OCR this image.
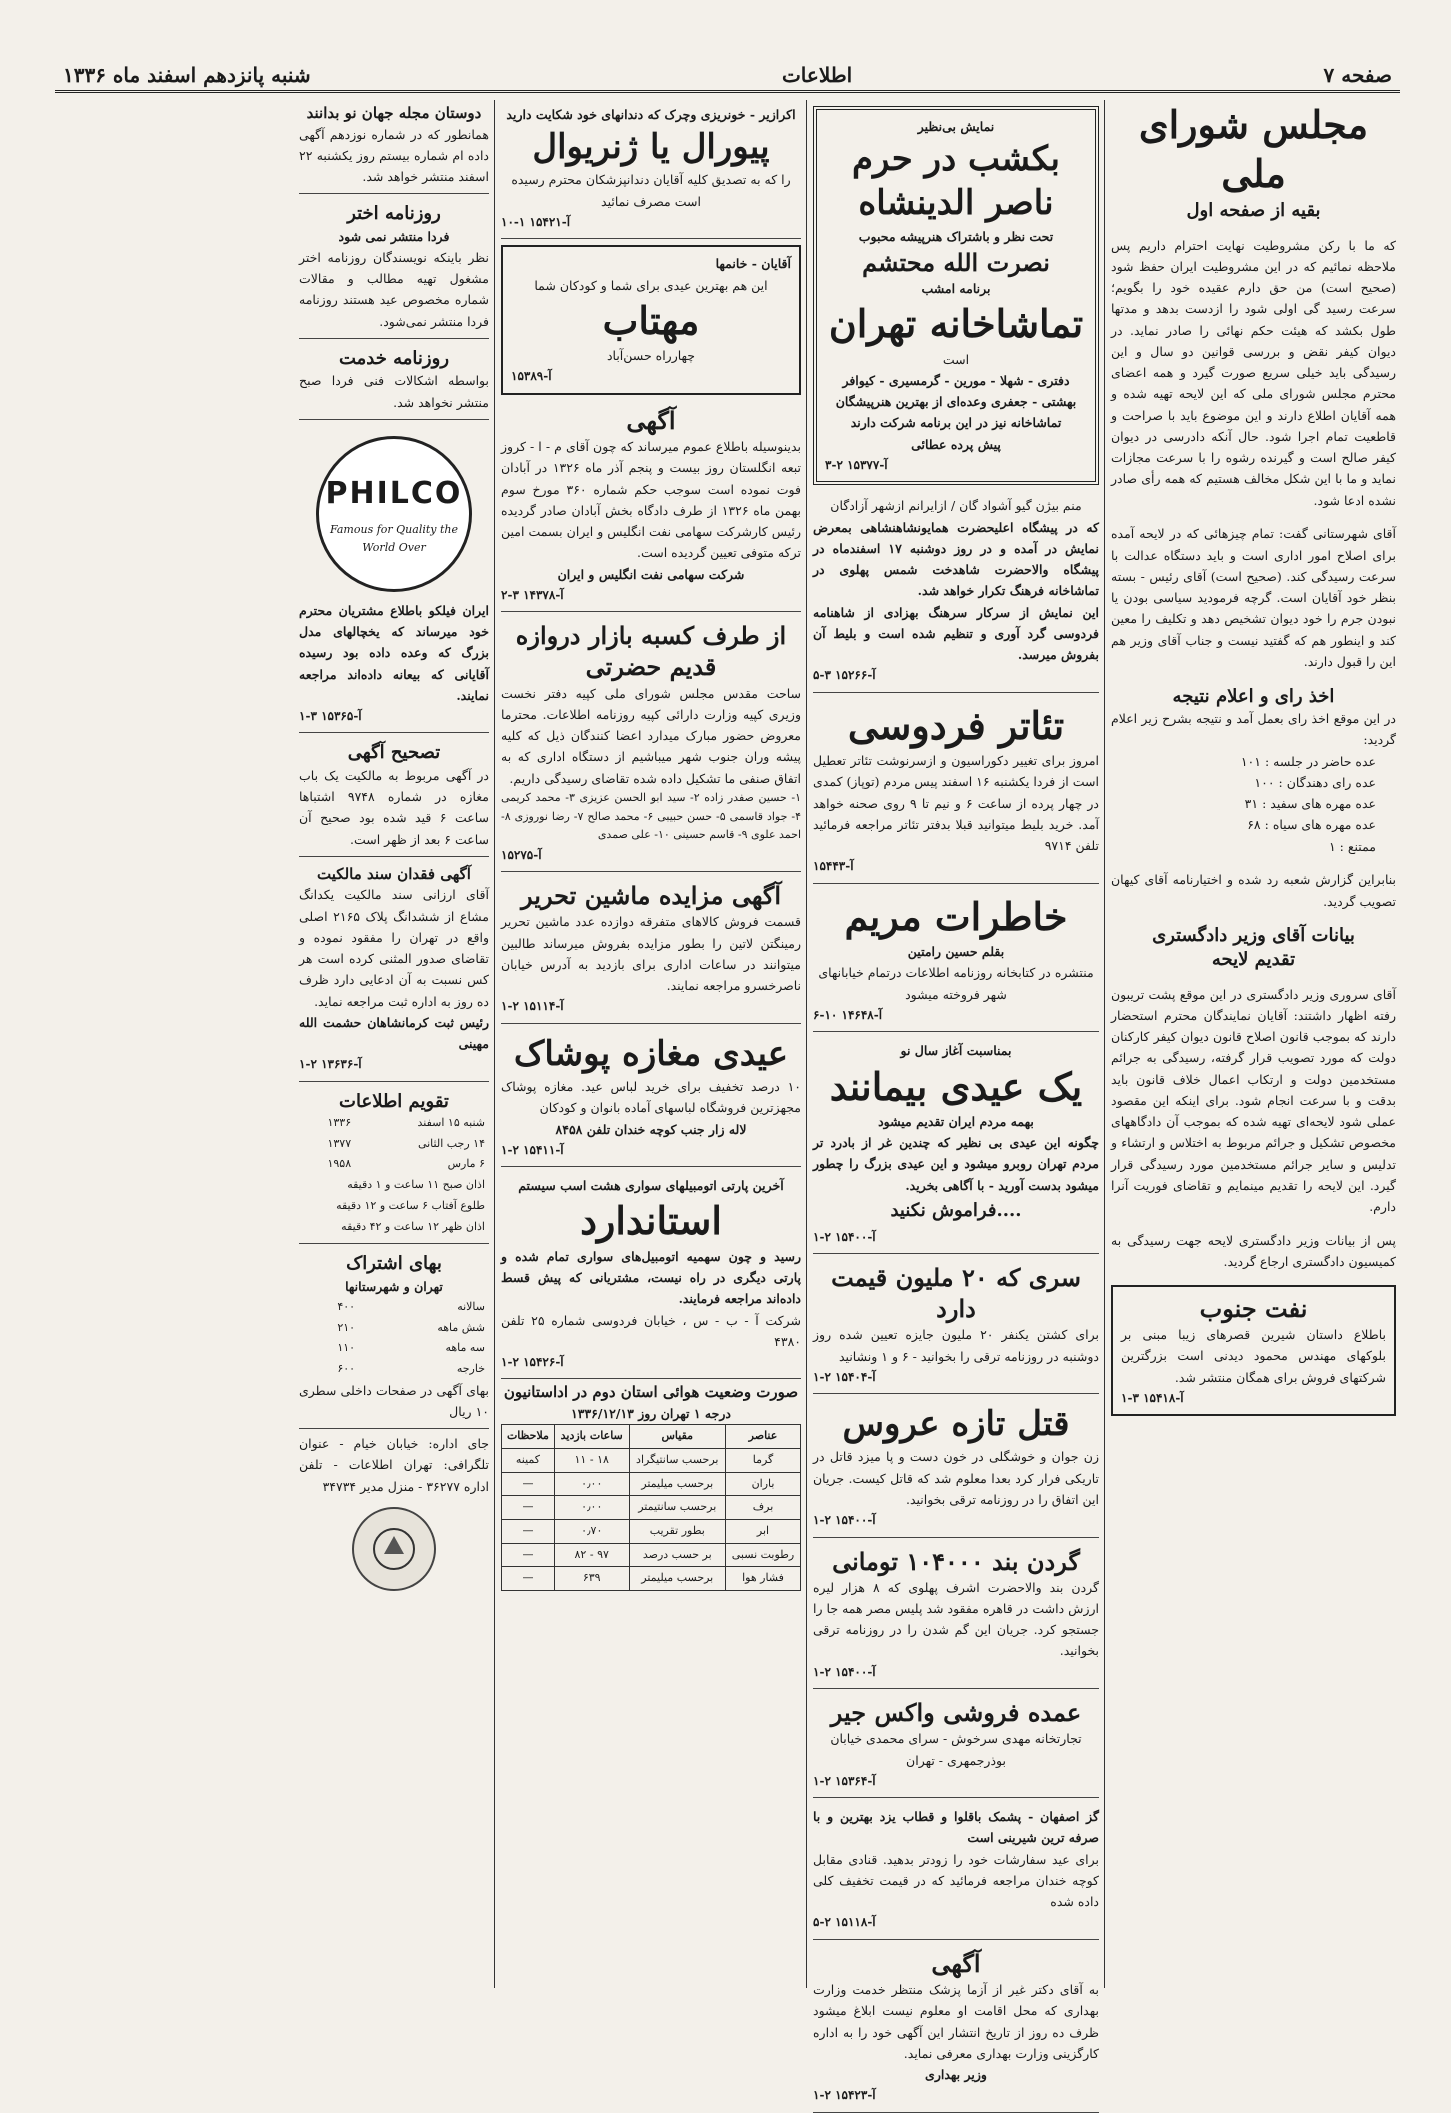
صفحه ۷
اطلاعات
شنبه پانزدهم اسفند ماه ۱۳۳۶
مجلس شورای ملی
بقیه از صفحه اول

که ما با رکن مشروطیت نهایت احترام داریم پس ملاحظه نمائیم که در این مشروطیت ایران حفظ شود (صحیح است) من حق دارم عقیده خود را بگویم؛ سرعت رسید گی اولی شود را ازدست بدهد و مدتها طول بکشد که هیئت حکم نهائی را صادر نماید. در دیوان کیفر نقض و بررسی قوانین دو سال و این رسیدگی باید خیلی سریع صورت گیرد و همه اعضای محترم مجلس شورای ملی که این لایحه تهیه شده و همه آقایان اطلاع دارند و این موضوع باید با صراحت و قاطعیت تمام اجرا شود. حال آنکه دادرسی در دیوان کیفر صالح است و گیرنده رشوه را با سرعت مجازات نماید و ما با این شکل مخالف هستیم که همه رأی صادر نشده ادعا شود.

آقای شهرستانی گفت: تمام چیزهائی که در لایحه آمده برای اصلاح امور اداری است و باید دستگاه عدالت با سرعت رسیدگی کند. (صحیح است) آقای رئیس - بسته بنظر خود آقایان است. گرچه فرمودید سیاسی بودن یا نبودن جرم را خود دیوان تشخیص دهد و تکلیف را معین کند و اینطور هم که گفتید نیست و جناب آقای وزیر هم این را قبول دارند.

اخذ رای و اعلام نتیجه
در این موقع اخذ رای بعمل آمد و نتیجه بشرح زیر اعلام گردید:
عده حاضر در جلسه : ۱۰۱
عده رای دهندگان : ۱۰۰
عده مهره های سفید : ۳۱
عده مهره های سیاه : ۶۸
ممتنع : ۱

بنابراین گزارش شعبه رد شده و اختیارنامه آقای کیهان تصویب گردید.

بیانات آقای وزیر دادگستری
تقدیم لایحه

آقای سروری وزیر دادگستری در این موقع پشت تریبون رفته اظهار داشتند: آقایان نمایندگان محترم استحضار دارند که بموجب قانون اصلاح قانون دیوان کیفر کارکنان دولت که مورد تصویب قرار گرفته، رسیدگی به جرائم مستخدمین دولت و ارتکاب اعمال خلاف قانون باید بدقت و با سرعت انجام شود. برای اینکه این مقصود عملی شود لایحه‌ای تهیه شده که بموجب آن دادگاههای مخصوص تشکیل و جرائم مربوط به اختلاس و ارتشاء و تدلیس و سایر جرائم مستخدمین مورد رسیدگی قرار گیرد. این لایحه را تقدیم مینمایم و تقاضای فوریت آنرا دارم.

پس از بیانات وزیر دادگستری لایحه جهت رسیدگی به کمیسیون دادگستری ارجاع گردید.

نفت جنوب
باطلاع داستان شیرین قصرهای زیبا مبنی بر بلوکهای مهندس محمود دیدنی است بزرگترین شرکتهای فروش برای همگان منتشر شد.
آ-۱۵۴۱۸ ۳-۱
نمایش بی‌نظیر
بکشب در حرم ناصر الدینشاه
تحت نظر و باشتراک هنرپیشه محبوب
نصرت الله محتشم
برنامه امشب
تماشاخانه تهران
است
دفتری - شهلا - مورین - گرمسیری - کیوافر بهشتی - جعفری وعده‌ای از بهترین هنرپیشگان تماشاخانه نیز در این برنامه شرکت دارند
پیش پرده عطائی
آ-۱۵۳۷۷ ۲-۳
منم بیژن گیو آشواد گان / ازایرانم ازشهر آزادگان
که در پیشگاه اعلیحضرت همایونشاهنشاهی بمعرض نمایش در آمده و در روز دوشنبه ۱۷ اسفندماه در پیشگاه والاحضرت شاهدخت شمس پهلوی در تماشاخانه فرهنگ تکرار خواهد شد.
این نمایش از سرکار سرهنگ بهزادی از شاهنامه فردوسی گرد آوری و تنظیم شده است و بلیط آن بفروش میرسد.
آ-۱۵۲۶۶ ۳-۵
تئاتر فردوسی
امروز برای تغییر دکوراسیون و ازسرنوشت تئاتر تعطیل است از فردا یکشنبه ۱۶ اسفند پیس مردم (توپاز) کمدی در چهار پرده از ساعت ۶ و نیم تا ۹ روی صحنه خواهد آمد. خرید بلیط میتوانید قبلا بدفتر تئاتر مراجعه فرمائید تلفن ۹۷۱۴
آ-۱۵۴۴۳
خاطرات مریم
بقلم حسین رامتین
منتشره در کتابخانه روزنامه اطلاعات درتمام خیابانهای شهر فروخته میشود
آ-۱۴۶۴۸ ۱۰-۶
بمناسبت آغاز سال نو
یک عیدی بیمانند
بهمه مردم ایران تقدیم میشود
چگونه این عیدی بی نظیر که چندین غر از بادرد تر مردم تهران روبرو میشود و این عیدی بزرگ را چطور میشود بدست آورید - با آگاهی بخرید.
....فراموش نکنید
آ-۱۵۴۰۰ ۲-۱
سری که ۲۰ ملیون قیمت دارد
برای کشتن یکنفر ۲۰ ملیون جایزه تعیین شده روز دوشنبه در روزنامه ترقی را بخوانید - ۶ و ۱ ونشانید
آ-۱۵۴۰۴ ۲-۱
قتل تازه عروس
زن جوان و خوشگلی در خون دست و پا میزد قاتل در تاریکی فرار کرد بعدا معلوم شد که قاتل کیست. جریان این اتفاق را در روزنامه ترقی بخوانید.
آ-۱۵۴۰۰ ۲-۱
گردن بند ۱۰۴۰۰۰ تومانی
گردن بند والاحضرت اشرف پهلوی که ۸ هزار لیره ارزش داشت در قاهره مفقود شد پلیس مصر همه جا را جستجو کرد. جریان این گم شدن را در روزنامه ترقی بخوانید.
آ-۱۵۴۰۰ ۲-۱
عمده فروشی واکس جیر
تجارتخانه مهدی سرخوش - سرای محمدی خیابان بوذرجمهری - تهران
آ-۱۵۳۶۴ ۲-۱
گز اصفهان - پشمک باقلوا و قطاب یزد بهترین و با صرفه ترین شیرینی است
برای عید سفارشات خود را زودتر بدهید. قنادی مقابل کوچه خندان مراجعه فرمائید که در قیمت تخفیف کلی داده شده
آ-۱۵۱۱۸ ۲-۵
آگهی
به آقای دکتر غیر از آزما پزشک منتظر خدمت وزارت بهداری که محل اقامت او معلوم نیست ابلاغ میشود ظرف ده روز از تاریخ انتشار این آگهی خود را به اداره کارگزینی وزارت بهداری معرفی نماید.
وزیر بهداری
آ-۱۵۴۲۳ ۲-۱
اکرازیر - خونریزی وچرک که دندانهای خود شکایت دارید
پیورال یا ژنریوال
را که به تصدیق کلیه آقایان دندانپزشکان محترم رسیده است مصرف نمائید
آ-۱۵۴۲۱ ۱-۱۰
آقایان - خانمها
این هم بهترین عیدی برای شما و کودکان شما
مهتاب
چهارراه حسن‌آباد
آ-۱۵۳۸۹
آگهی
بدینوسیله باطلاع عموم میرساند که چون آقای م - ا - کروز تبعه انگلستان روز بیست و پنجم آذر ماه ۱۳۲۶ در آبادان فوت نموده است سوجب حکم شماره ۳۶۰ مورخ سوم بهمن ماه ۱۳۲۶ از طرف دادگاه بخش آبادان صادر گردیده رئیس کارشرکت سهامی نفت انگلیس و ایران بسمت امین ترکه متوفی تعیین گردیده است.
شرکت سهامی نفت انگلیس و ایران
آ-۱۴۳۷۸ ۳-۲
از طرف کسبه بازار دروازه قدیم حضرتی
ساحت مقدس مجلس شورای ملی کپیه دفتر نخست وزیری کپیه وزارت دارائی کپیه روزنامه اطلاعات. محترما معروض حضور مبارک میدارد اعضا کنندگان ذیل که کلیه پیشه وران جنوب شهر میباشیم از دستگاه اداری که به اتفاق صنفی ما تشکیل داده شده تقاضای رسیدگی داریم.
۱- حسین صفدر زاده ۲- سید ابو الحسن عزیزی ۳- محمد کریمی ۴- جواد قاسمی ۵- حسن حبیبی ۶- محمد صالح ۷- رضا نوروزی ۸- احمد علوی ۹- قاسم حسینی ۱۰- علی صمدی
آ-۱۵۲۷۵
آگهی مزایده ماشین تحریر
قسمت فروش کالاهای متفرقه دوازده عدد ماشین تحریر رمینگتن لاتین را بطور مزایده بفروش میرساند طالبین میتوانند در ساعات اداری برای بازدید به آدرس خیابان ناصرخسرو مراجعه نمایند.
آ-۱۵۱۱۴ ۲-۱
عیدی مغازه پوشاک
۱۰ درصد تخفیف برای خرید لباس عید. مغازه پوشاک مجهزترین فروشگاه لباسهای آماده بانوان و کودکان
لاله زار جنب کوچه خندان تلفن ۸۴۵۸
آ-۱۵۴۱۱ ۲-۱
آخرین پارتی اتومبیلهای سواری هشت اسب سیستم
استاندارد
رسید و چون سهمیه اتومبیل‌های سواری تمام شده و پارتی دیگری در راه نیست، مشتریانی که پیش قسط داده‌اند مراجعه فرمایند.
شرکت آ - ب - س ، خیابان فردوسی شماره ۲۵ تلفن ۴۳۸۰
آ-۱۵۴۲۶ ۲-۱
صورت وضعیت هوائی استان دوم در اداستانیون
درجه ۱ تهران روز ۱۳۳۶/۱۲/۱۳
عناصر	مقیاس	ساعات بازدید	ملاحظات
گرما	برحسب سانتیگراد	۱۸ - ۱۱	کمینه
باران	برحسب میلیمتر	۰٫۰۰	—
برف	برحسب سانتیمتر	۰٫۰۰	—
ابر	بطور تقریب	۰٫۷۰	—
رطوبت نسبی	بر حسب درصد	۹۷ - ۸۲	—
فشار هوا	برحسب میلیمتر	۶۳۹	—
دوستان مجله جهان نو بدانند
همانطور که در شماره نوزدهم آگهی داده ام شماره بیستم روز یکشنبه ۲۲ اسفند منتشر خواهد شد.
روزنامه اختر
فردا منتشر نمی شود
نظر باینکه نویسندگان روزنامه اختر مشغول تهیه مطالب و مقالات شماره مخصوص عید هستند روزنامه فردا منتشر نمی‌شود.
روزنامه خدمت
بواسطه اشکالات فنی فردا صبح منتشر نخواهد شد.
PHILCO
Famous for Quality the World Over
ایران فیلکو باطلاع مشتریان محترم خود میرساند که یخچالهای مدل بزرگ که وعده داده بود رسیده آقایانی که بیعانه داده‌اند مراجعه نمایند.
آ-۱۵۳۶۵ ۳-۱
تصحیح آگهی
در آگهی مربوط به مالکیت یک باب مغازه در شماره ۹۷۴۸ اشتباها ساعت ۶ قید شده بود صحیح آن ساعت ۶ بعد از ظهر است.
آگهی فقدان سند مالکیت
آقای ارزانی سند مالکیت یکدانگ مشاع از ششدانگ پلاک ۲۱۶۵ اصلی واقع در تهران را مفقود نموده و تقاضای صدور المثنی کرده است هر کس نسبت به آن ادعایی دارد ظرف ده روز به اداره ثبت مراجعه نماید.
رئیس ثبت کرمانشاهان حشمت الله مهینی
آ-۱۳۶۳۶ ۲-۱
تقویم اطلاعات
شنبه ۱۵ اسفند	۱۳۳۶
۱۴ رجب الثانی	۱۳۷۷
۶ مارس	۱۹۵۸
اذان صبح ۱۱ ساعت و ۱ دقیقه	
طلوع آفتاب ۶ ساعت و ۱۲ دقیقه	
اذان ظهر ۱۲ ساعت و ۴۲ دقیقه	
بهای اشتراک
تهران و شهرستانها
سالانه	۴۰۰
شش ماهه	۲۱۰
سه ماهه	۱۱۰
خارجه	۶۰۰
بهای آگهی در صفحات داخلی سطری ۱۰ ریال
جای اداره: خیابان خیام - عنوان تلگرافی: تهران اطلاعات - تلفن اداره ۳۶۲۷۷ - منزل مدیر ۳۴۷۳۴
